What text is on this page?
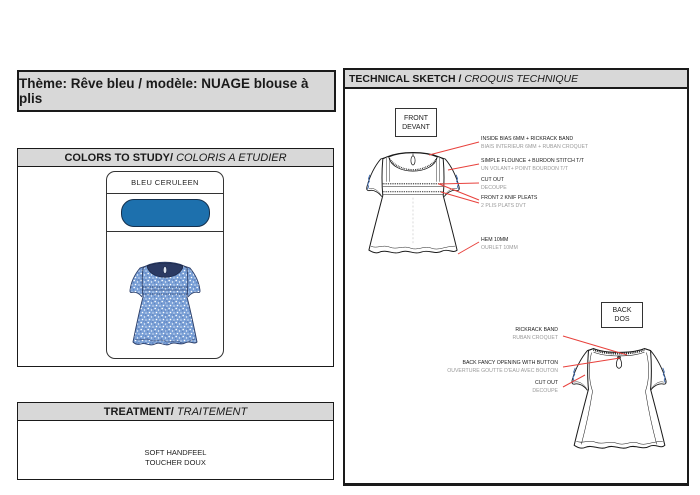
Thème: Rêve bleu / modèle: NUAGE blouse à plis
COLORS TO STUDY / COLORIS A ETUDIER
BLEU CERULEEN
TREATMENT / TRAITEMENT
SOFT HANDFEEL
TOUCHER DOUX
TECHNICAL SKETCH / CROQUIS TECHNIQUE
FRONT
DEVANT
BACK
DOS
INSIDE BIAS 6MM + RICKRACK BAND
BIAIS INTERIEUR 6MM + RUBAN CROQUET
SIMPLE FLOUNCE + BURDON STITCH T/T
UN VOLANT+ POINT BOURDON T/T
CUT OUT
DECOUPE
FRONT 2 KNIF PLEATS
2 PLIS PLATS DVT
HEM 10MM
OURLET 10MM
RICKRACK BAND
RUBAN CROQUET
BACK FANCY OPENING WITH BUTTON
OUVERTURE GOUTTE D'EAU AVEC BOUTON
CUT OUT
DECOUPE
